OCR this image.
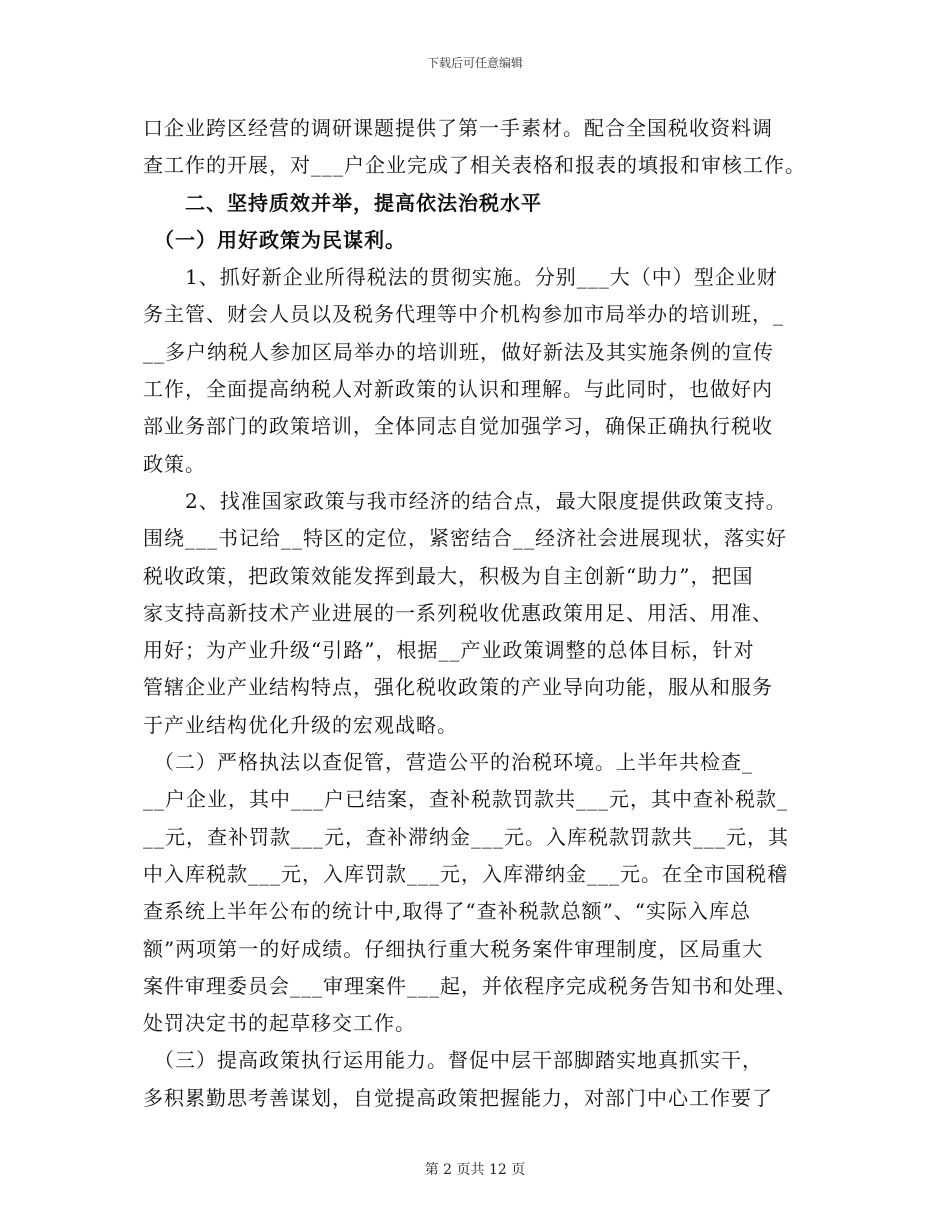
下载后可任意编辑
口企业跨区经营的调研课题提供了第一手素材。配合全国税收资料调
查工作的开展，对___户企业完成了相关表格和报表的填报和审核工作。
　　二、坚持质效并举，提高依法治税水平
　（一）用好政策为民谋利。
　　1、抓好新企业所得税法的贯彻实施。分别___大（中）型企业财
务主管、财会人员以及税务代理等中介机构参加市局举办的培训班，_
__多户纳税人参加区局举办的培训班，做好新法及其实施条例的宣传
工作，全面提高纳税人对新政策的认识和理解。与此同时，也做好内
部业务部门的政策培训，全体同志自觉加强学习，确保正确执行税收
政策。
　　2、找准国家政策与我市经济的结合点，最大限度提供政策支持。
围绕___书记给__特区的定位，紧密结合__经济社会进展现状，落实好
税收政策，把政策效能发挥到最大，积极为自主创新“助力”，把国
家支持高新技术产业进展的一系列税收优惠政策用足、用活、用准、
用好；为产业升级“引路”，根据__产业政策调整的总体目标，针对
管辖企业产业结构特点，强化税收政策的产业导向功能，服从和服务
于产业结构优化升级的宏观战略。
　（二）严格执法以查促管，营造公平的治税环境。上半年共检查_
__户企业，其中___户已结案，查补税款罚款共___元，其中查补税款_
__元，查补罚款___元，查补滞纳金___元。入库税款罚款共___元，其
中入库税款___元，入库罚款___元，入库滞纳金___元。在全市国税稽
查系统上半年公布的统计中,取得了“查补税款总额”、“实际入库总
额”两项第一的好成绩。仔细执行重大税务案件审理制度，区局重大
案件审理委员会___审理案件___起，并依程序完成税务告知书和处理、
处罚决定书的起草移交工作。
　（三）提高政策执行运用能力。督促中层干部脚踏实地真抓实干，
多积累勤思考善谋划，自觉提高政策把握能力，对部门中心工作要了
第 2 页共 12 页
